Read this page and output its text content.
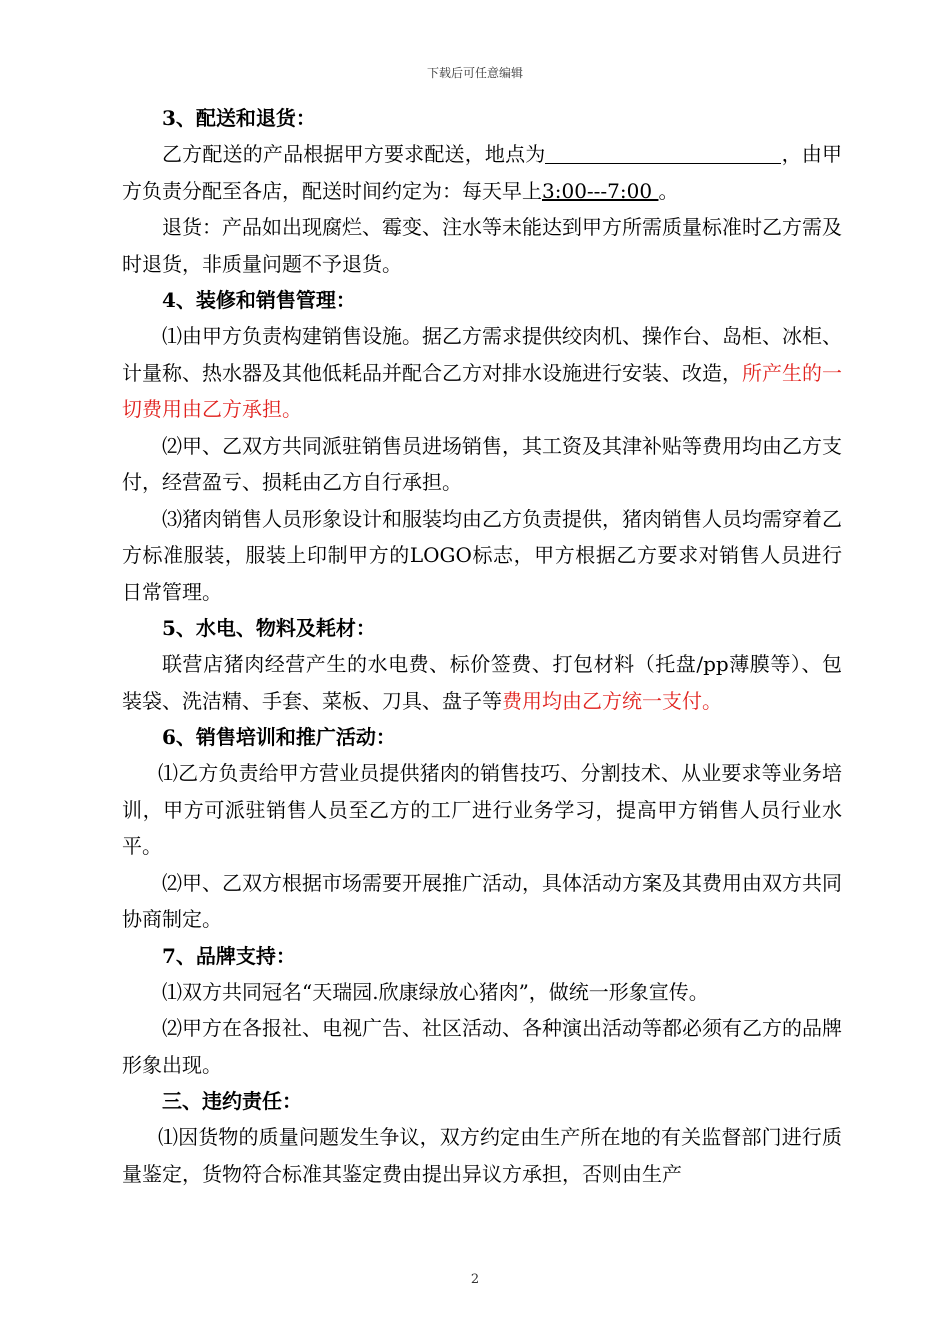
下载后可任意编辑

3、配送和退货：

乙方配送的产品根据甲方要求配送，地点为	，由甲方负责分配至各店，配送时间约定为：每天早上3:00---7:00 。

退货：产品如出现腐烂、霉变、注水等未能达到甲方所需质量标准时乙方需及时退货，非质量问题不予退货。

4、装修和销售管理：

⑴由甲方负责构建销售设施。据乙方需求提供绞肉机、操作台、岛柜、冰柜、计量称、热水器及其他低耗品并配合乙方对排水设施进行安装、改造，所产生的一切费用由乙方承担。

⑵甲、乙双方共同派驻销售员进场销售，其工资及其津补贴等费用均由乙方支付，经营盈亏、损耗由乙方自行承担。

⑶猪肉销售人员形象设计和服装均由乙方负责提供，猪肉销售人员均需穿着乙方标准服装，服装上印制甲方的LOGO标志，甲方根据乙方要求对销售人员进行日常管理。

5、水电、物料及耗材：

联营店猪肉经营产生的水电费、标价签费、打包材料（托盘/pp薄膜等）、包装袋、洗洁精、手套、菜板、刀具、盘子等费用均由乙方统一支付。

6、销售培训和推广活动：

⑴乙方负责给甲方营业员提供猪肉的销售技巧、分割技术、从业要求等业务培训，甲方可派驻销售人员至乙方的工厂进行业务学习，提高甲方销售人员行业水平。

⑵甲、乙双方根据市场需要开展推广活动，具体活动方案及其费用由双方共同协商制定。

7、品牌支持：

⑴双方共同冠名“天瑞园.欣康绿放心猪肉”，做统一形象宣传。

⑵甲方在各报社、电视广告、社区活动、各种演出活动等都必须有乙方的品牌形象出现。

三、违约责任：

⑴因货物的质量问题发生争议，双方约定由生产所在地的有关监督部门进行质量鉴定，货物符合标准其鉴定费由提出异议方承担，否则由生产

2
